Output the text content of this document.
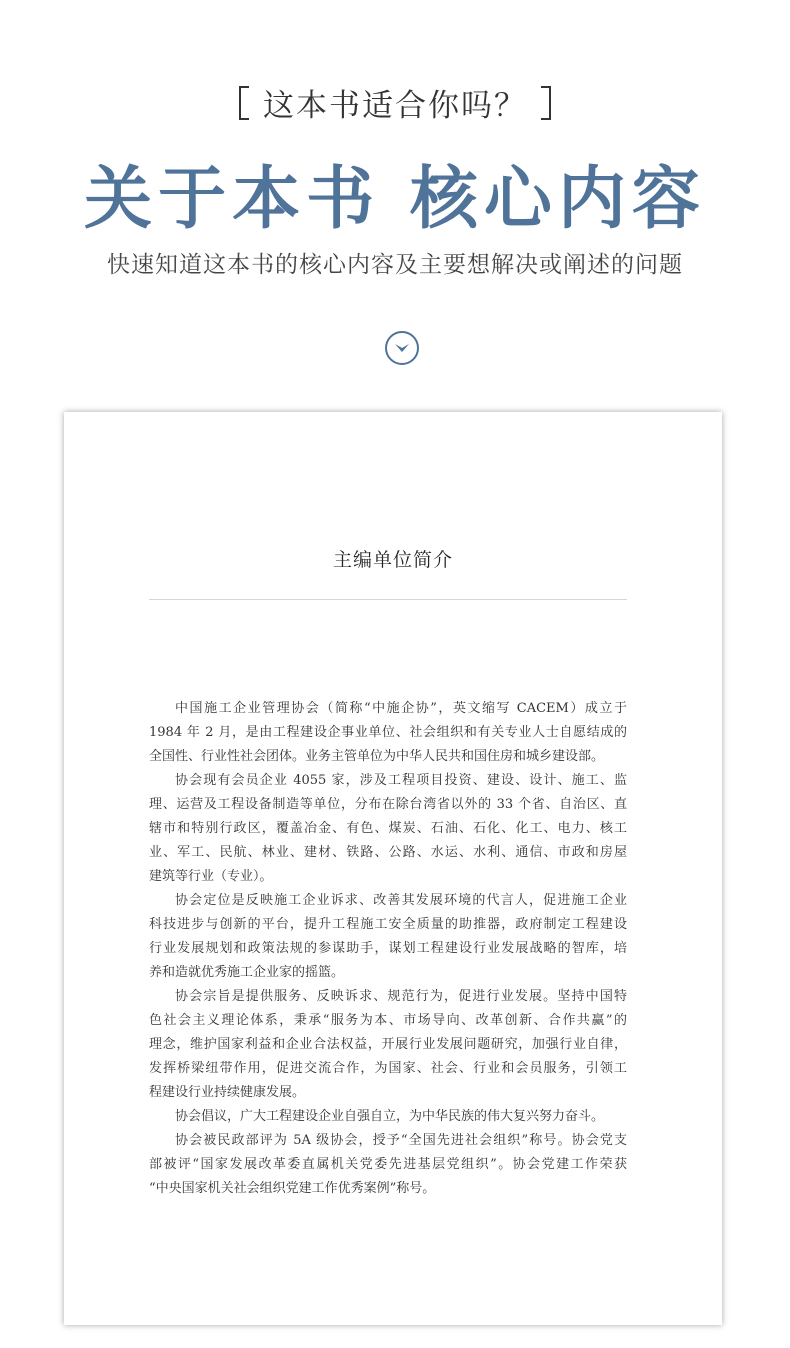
这本书适合你吗？
关于本书 核心内容
快速知道这本书的核心内容及主要想解决或阐述的问题
主编单位简介
中国施工企业管理协会（简称“中施企协”，英文缩写 CACEM）成立于
1984 年 2 月，是由工程建设企事业单位、社会组织和有关专业人士自愿结成的
全国性、行业性社会团体。业务主管单位为中华人民共和国住房和城乡建设部。
协会现有会员企业 4055 家，涉及工程项目投资、建设、设计、施工、监
理、运营及工程设备制造等单位，分布在除台湾省以外的 33 个省、自治区、直
辖市和特别行政区，覆盖冶金、有色、煤炭、石油、石化、化工、电力、核工
业、军工、民航、林业、建材、铁路、公路、水运、水利、通信、市政和房屋
建筑等行业（专业）。
协会定位是反映施工企业诉求、改善其发展环境的代言人，促进施工企业
科技进步与创新的平台，提升工程施工安全质量的助推器，政府制定工程建设
行业发展规划和政策法规的参谋助手，谋划工程建设行业发展战略的智库，培
养和造就优秀施工企业家的摇篮。
协会宗旨是提供服务、反映诉求、规范行为，促进行业发展。坚持中国特
色社会主义理论体系，秉承“服务为本、市场导向、改革创新、合作共赢”的
理念，维护国家利益和企业合法权益，开展行业发展问题研究，加强行业自律，
发挥桥梁纽带作用，促进交流合作，为国家、社会、行业和会员服务，引领工
程建设行业持续健康发展。
协会倡议，广大工程建设企业自强自立，为中华民族的伟大复兴努力奋斗。
协会被民政部评为 5A 级协会，授予“全国先进社会组织”称号。协会党支
部被评“国家发展改革委直属机关党委先进基层党组织”。协会党建工作荣获
“中央国家机关社会组织党建工作优秀案例”称号。
